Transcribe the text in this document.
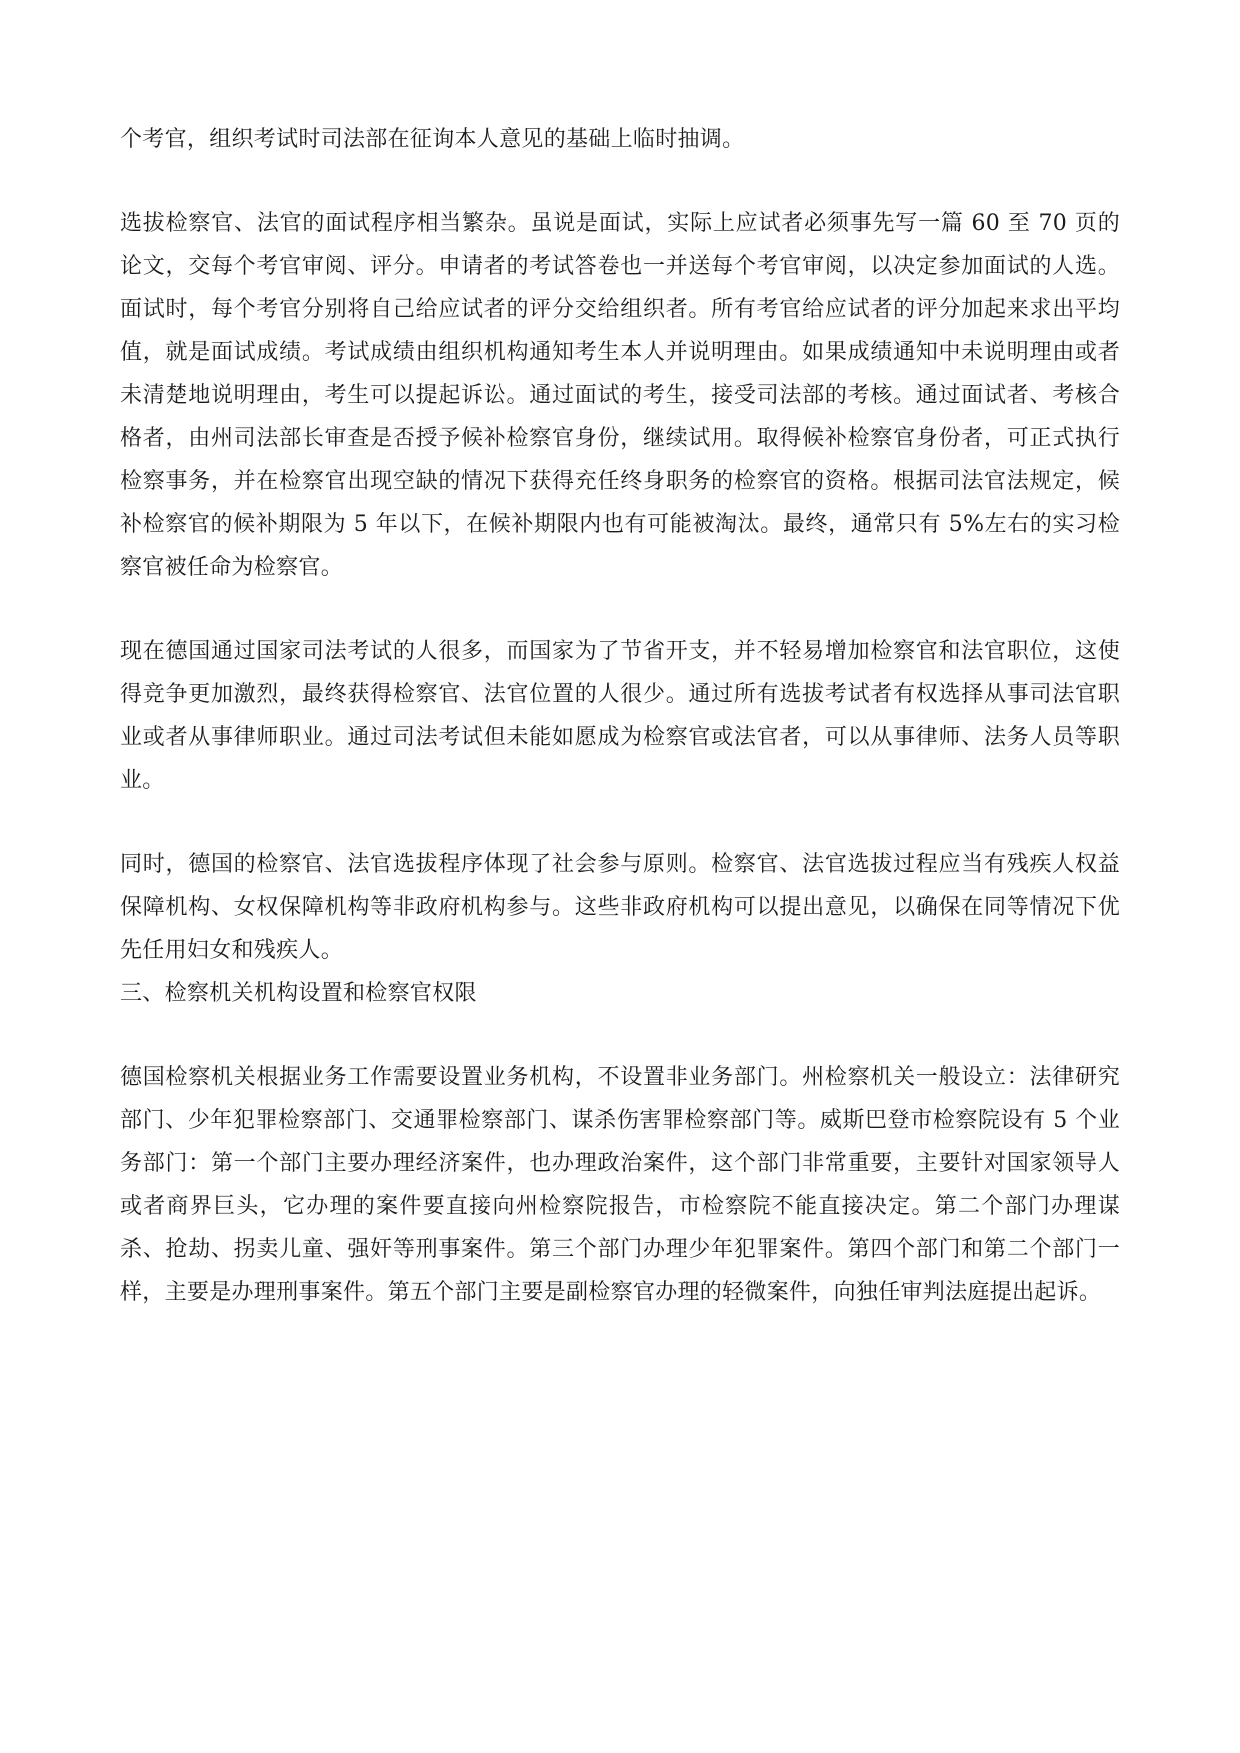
个考官，组织考试时司法部在征询本人意见的基础上临时抽调。

选拔检察官、法官的面试程序相当繁杂。虽说是面试，实际上应试者必须事先写一篇 60 至 70 页的论文，交每个考官审阅、评分。申请者的考试答卷也一并送每个考官审阅，以决定参加面试的人选。面试时，每个考官分别将自己给应试者的评分交给组织者。所有考官给应试者的评分加起来求出平均值，就是面试成绩。考试成绩由组织机构通知考生本人并说明理由。如果成绩通知中未说明理由或者未清楚地说明理由，考生可以提起诉讼。通过面试的考生，接受司法部的考核。通过面试者、考核合格者，由州司法部长审查是否授予候补检察官身份，继续试用。取得候补检察官身份者，可正式执行检察事务，并在检察官出现空缺的情况下获得充任终身职务的检察官的资格。根据司法官法规定，候补检察官的候补期限为 5 年以下，在候补期限内也有可能被淘汰。最终，通常只有 5%左右的实习检察官被任命为检察官。

现在德国通过国家司法考试的人很多，而国家为了节省开支，并不轻易增加检察官和法官职位，这使得竞争更加激烈，最终获得检察官、法官位置的人很少。通过所有选拔考试者有权选择从事司法官职业或者从事律师职业。通过司法考试但未能如愿成为检察官或法官者，可以从事律师、法务人员等职业。

同时，德国的检察官、法官选拔程序体现了社会参与原则。检察官、法官选拔过程应当有残疾人权益保障机构、女权保障机构等非政府机构参与。这些非政府机构可以提出意见，以确保在同等情况下优先任用妇女和残疾人。

三、检察机关机构设置和检察官权限

德国检察机关根据业务工作需要设置业务机构，不设置非业务部门。州检察机关一般设立：法律研究部门、少年犯罪检察部门、交通罪检察部门、谋杀伤害罪检察部门等。威斯巴登市检察院设有 5 个业务部门：第一个部门主要办理经济案件，也办理政治案件，这个部门非常重要，主要针对国家领导人或者商界巨头，它办理的案件要直接向州检察院报告，市检察院不能直接决定。第二个部门办理谋杀、抢劫、拐卖儿童、强奸等刑事案件。第三个部门办理少年犯罪案件。第四个部门和第二个部门一样，主要是办理刑事案件。第五个部门主要是副检察官办理的轻微案件，向独任审判法庭提出起诉。
